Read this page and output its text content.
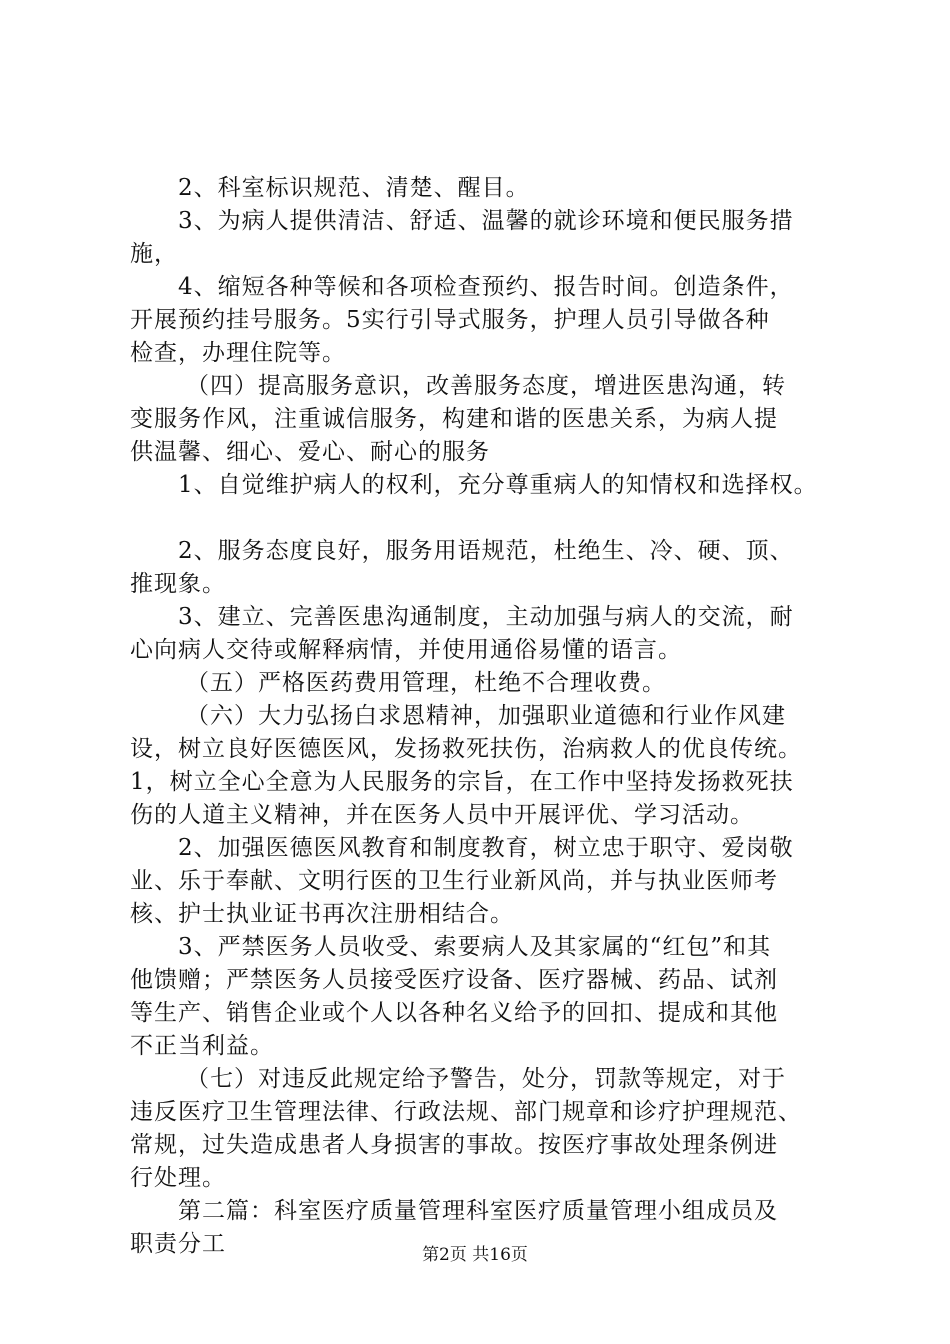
2、科室标识规范、清楚、醒目。
3、为病人提供清洁、舒适、温馨的就诊环境和便民服务措
施，
4、缩短各种等候和各项检查预约、报告时间。创造条件，
开展预约挂号服务。5实行引导式服务，护理人员引导做各种
检查，办理住院等。
（四）提高服务意识，改善服务态度，增进医患沟通，转
变服务作风，注重诚信服务，构建和谐的医患关系，为病人提
供温馨、细心、爱心、耐心的服务
1、自觉维护病人的权利，充分尊重病人的知情权和选择权。
2、服务态度良好，服务用语规范，杜绝生、冷、硬、顶、
推现象。
3、建立、完善医患沟通制度，主动加强与病人的交流，耐
心向病人交待或解释病情，并使用通俗易懂的语言。
（五）严格医药费用管理，杜绝不合理收费。
（六）大力弘扬白求恩精神，加强职业道德和行业作风建
设，树立良好医德医风，发扬救死扶伤，治病救人的优良传统。
1，树立全心全意为人民服务的宗旨，在工作中坚持发扬救死扶
伤的人道主义精神，并在医务人员中开展评优、学习活动。
2、加强医德医风教育和制度教育，树立忠于职守、爱岗敬
业、乐于奉献、文明行医的卫生行业新风尚，并与执业医师考
核、护士执业证书再次注册相结合。
3、严禁医务人员收受、索要病人及其家属的“红包”和其
他馈赠；严禁医务人员接受医疗设备、医疗器械、药品、试剂
等生产、销售企业或个人以各种名义给予的回扣、提成和其他
不正当利益。
（七）对违反此规定给予警告，处分，罚款等规定，对于
违反医疗卫生管理法律、行政法规、部门规章和诊疗护理规范、
常规，过失造成患者人身损害的事故。按医疗事故处理条例进
行处理。
第二篇：科室医疗质量管理科室医疗质量管理小组成员及
职责分工	第2页 共16页
